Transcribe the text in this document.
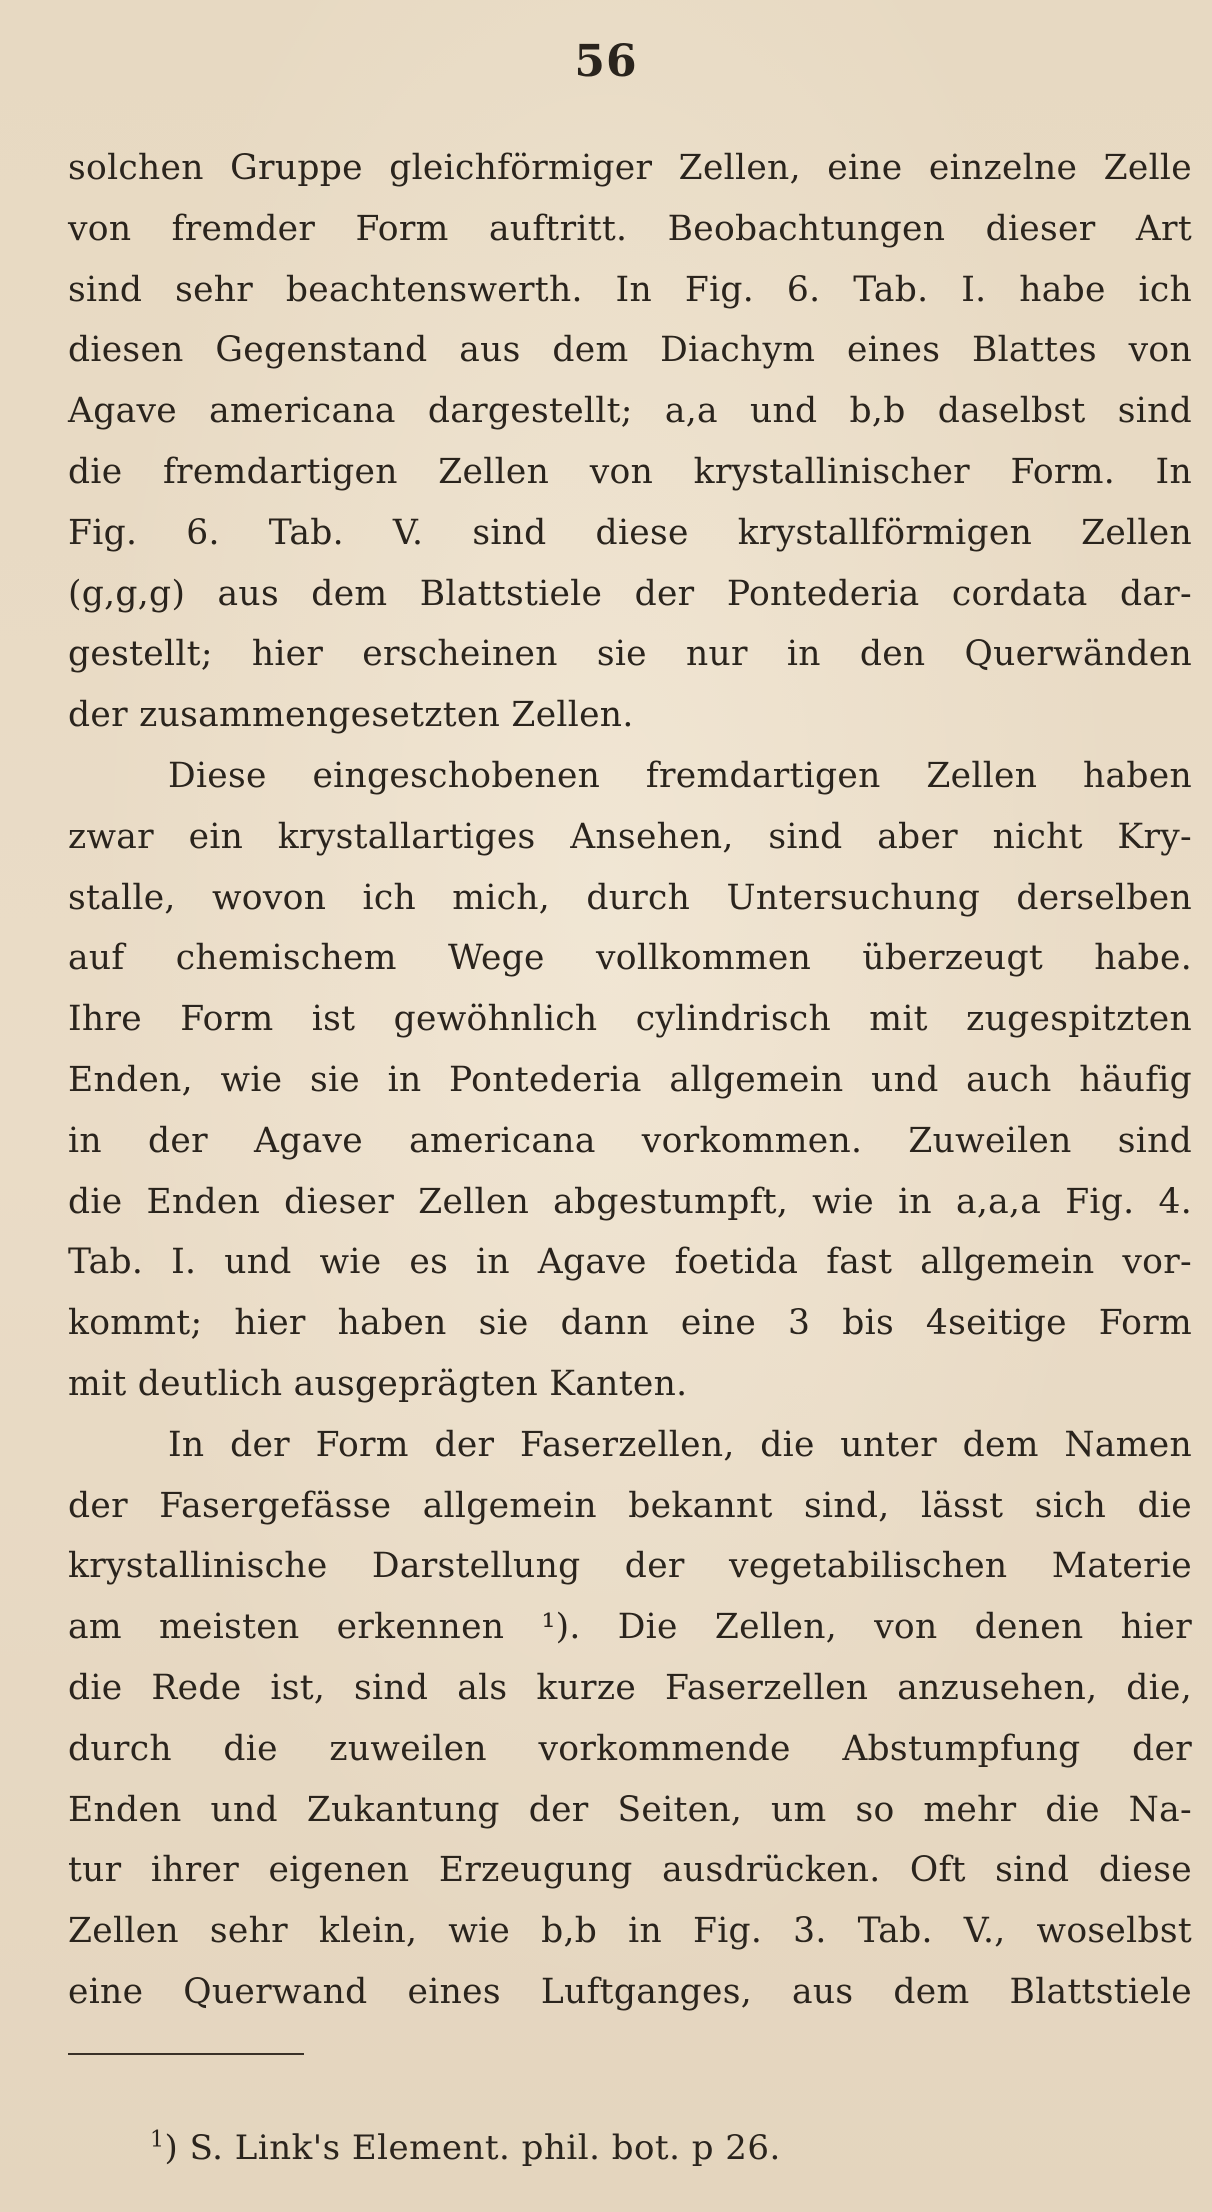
56
solchen Gruppe gleichförmiger Zellen, eine einzelne Zelle
von fremder Form auftritt. Beobachtungen dieser Art
sind sehr beachtenswerth. In Fig. 6. Tab. I. habe ich
diesen Gegenstand aus dem Diachym eines Blattes von
Agave americana dargestellt; a,a und b,b daselbst sind
die fremdartigen Zellen von krystallinischer Form. In
Fig. 6. Tab. V. sind diese krystallförmigen Zellen
(g,g,g) aus dem Blattstiele der Pontederia cordata dar-
gestellt; hier erscheinen sie nur in den Querwänden
der zusammengesetzten Zellen.
Diese eingeschobenen fremdartigen Zellen haben
zwar ein krystallartiges Ansehen, sind aber nicht Kry-
stalle, wovon ich mich, durch Untersuchung derselben
auf chemischem Wege vollkommen überzeugt habe.
Ihre Form ist gewöhnlich cylindrisch mit zugespitzten
Enden, wie sie in Pontederia allgemein und auch häufig
in der Agave americana vorkommen. Zuweilen sind
die Enden dieser Zellen abgestumpft, wie in a,a,a Fig. 4.
Tab. I. und wie es in Agave foetida fast allgemein vor-
kommt; hier haben sie dann eine 3 bis 4seitige Form
mit deutlich ausgeprägten Kanten.
In der Form der Faserzellen, die unter dem Namen
der Fasergefässe allgemein bekannt sind, lässt sich die
krystallinische Darstellung der vegetabilischen Materie
am meisten erkennen ¹). Die Zellen, von denen hier
die Rede ist, sind als kurze Faserzellen anzusehen, die,
durch die zuweilen vorkommende Abstumpfung der
Enden und Zukantung der Seiten, um so mehr die Na-
tur ihrer eigenen Erzeugung ausdrücken. Oft sind diese
Zellen sehr klein, wie b,b in Fig. 3. Tab. V., woselbst
eine Querwand eines Luftganges, aus dem Blattstiele
$^1$) S. Link's Element. phil. bot. p 26.
